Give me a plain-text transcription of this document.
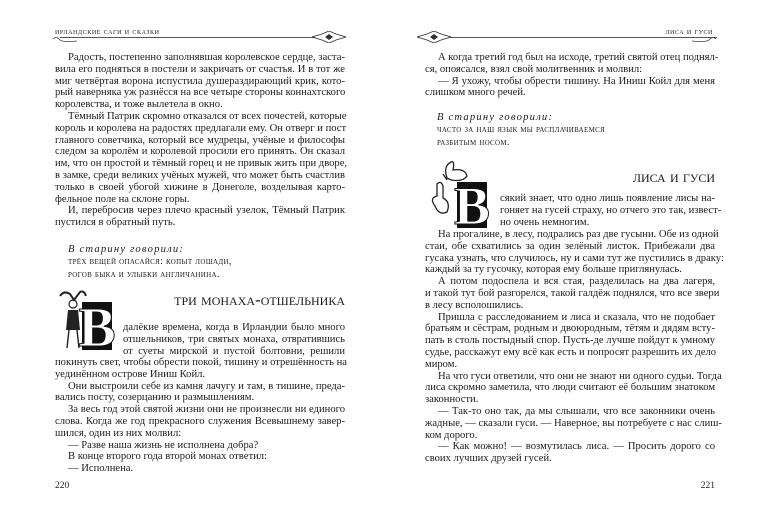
ирландские саги и сказки
Радость, постепенно заполнявшая королевское сердце, заста-
вила его подняться в постели и закричать от счастья. И в тот же
миг четвёртая ворона испустила душераздирающий крик, кото-
рый наверняка уж разнёсся на все четыре стороны коннахтского
королевства, и тоже вылетела в окно.
Тёмный Патрик скромно отказался от всех почестей, которые
король и королева на радостях предлагали ему. Он отверг и пост
главного советчика, который все мудрецы, учёные и философы
следом за королём и королевой просили его принять. Он сказал
им, что он простой и тёмный горец и не привык жить при дворе,
в замке, среди великих учёных мужей, что может быть счастлив
только в своей убогой хижине в Донеголе, возделывая карто-
фельное поле на склоне горы.
И, перебросив через плечо красный узелок, Тёмный Патрик
пустился в обратный путь.
В старину говорили:
трёх вещей опасайся: копыт лошади,
рогов быка и улыбки англичанина.
три монаха-отшельника
В далёкие времена, когда в Ирландии было много
отшельников, три святых монаха, отвратившись
от суеты мирской и пустой болтовни, решили
покинуть свет, чтобы обрести покой, тишину и отрешённость на
уединённом острове Иниш Койл.
Они выстроили себе из камня лачугу и там, в тишине, преда-
вались посту, созерцанию и размышлениям.
За весь год этой святой жизни они не произнесли ни единого
слова. Когда же год прекрасного служения Всевышнему завер-
шился, один из них молвил:
— Разве наша жизнь не исполнена добра?
В конце второго года второй монах ответил:
— Исполнена.
220
лиса и гуси
А когда третий год был на исходе, третий святой отец поднял-
ся, опоясался, взял свой молитвенник и молвил:
— Я ухожу, чтобы обрести тишину. На Иниш Койл для меня
слишком много речей.
В старину говорили:
часто за наш язык мы расплачиваемся
разбитым носом.
лиса и гуси
В сякий знает, что одно лишь появление лисы на-
гоняет на гусей страху, но отчего это так, извест-
но очень немногим.
На прогалине, в лесу, подрались раз две гусыни. Обе из одной
стаи, обе схватились за один зелёный листок. Прибежали два
гусака узнать, что случилось, ну и сами тут же пустились в драку:
каждый за ту гусочку, которая ему больше приглянулась.
А потом подоспела и вся стая, разделилась на два лагеря,
и такой тут бой разгорелся, такой галдёж поднялся, что все звери
в лесу всполошились.
Пришла с расследованием и лиса и сказала, что не подобает
братьям и сёстрам, родным и двоюродным, тётям и дядям всту-
пать в столь постыдный спор. Пусть-де лучше пойдут к умному
судье, расскажут ему всё как есть и попросят разрешить их дело
миром.
На что гуси ответили, что они не знают ни одного судьи. Тогда
лиса скромно заметила, что люди считают её большим знатоком
законности.
— Так-то оно так, да мы слышали, что все законники очень
жадные, — сказали гуси. — Наверное, вы потребуете с нас слиш-
ком дорого.
— Как можно! — возмутилась лиса. — Просить дорого со
своих лучших друзей гусей.
221
